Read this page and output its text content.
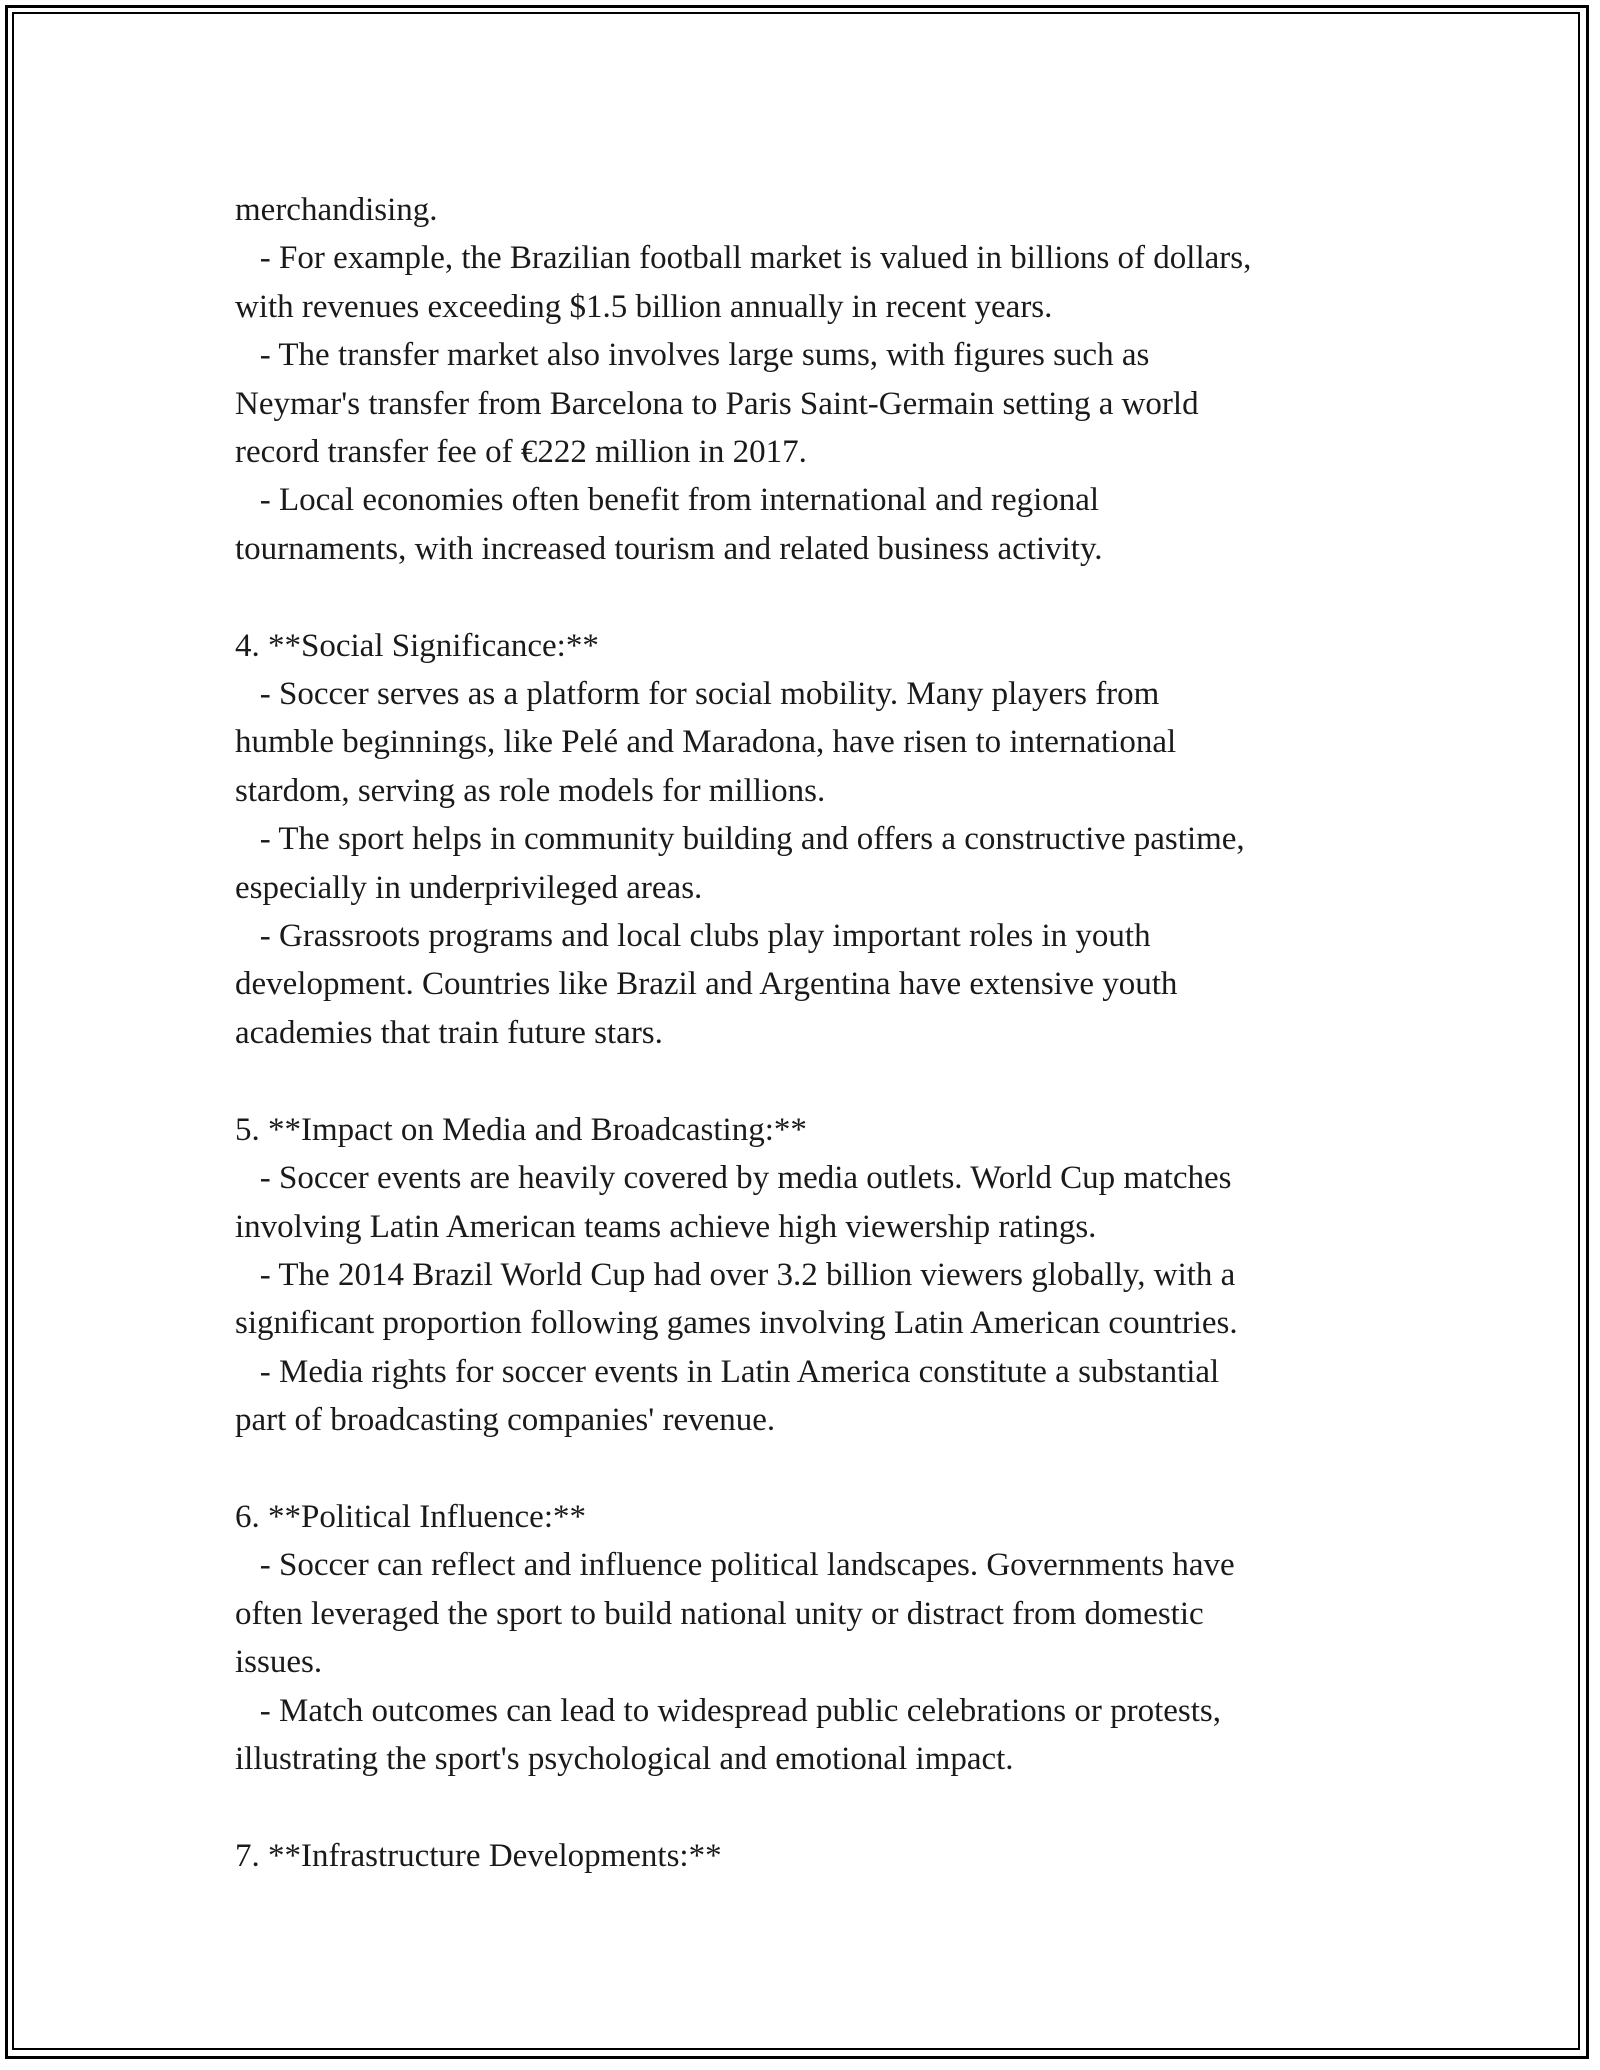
merchandising.

- For example, the Brazilian football market is valued in billions of dollars,

with revenues exceeding $1.5 billion annually in recent years.

- The transfer market also involves large sums, with figures such as

Neymar's transfer from Barcelona to Paris Saint-Germain setting a world

record transfer fee of €222 million in 2017.

- Local economies often benefit from international and regional

tournaments, with increased tourism and related business activity.

4. **Social Significance:**

- Soccer serves as a platform for social mobility. Many players from

humble beginnings, like Pelé and Maradona, have risen to international

stardom, serving as role models for millions.

- The sport helps in community building and offers a constructive pastime,

especially in underprivileged areas.

- Grassroots programs and local clubs play important roles in youth

development. Countries like Brazil and Argentina have extensive youth

academies that train future stars.

5. **Impact on Media and Broadcasting:**

- Soccer events are heavily covered by media outlets. World Cup matches

involving Latin American teams achieve high viewership ratings.

- The 2014 Brazil World Cup had over 3.2 billion viewers globally, with a

significant proportion following games involving Latin American countries.

- Media rights for soccer events in Latin America constitute a substantial

part of broadcasting companies' revenue.

6. **Political Influence:**

- Soccer can reflect and influence political landscapes. Governments have

often leveraged the sport to build national unity or distract from domestic

issues.

- Match outcomes can lead to widespread public celebrations or protests,

illustrating the sport's psychological and emotional impact.

7. **Infrastructure Developments:**
